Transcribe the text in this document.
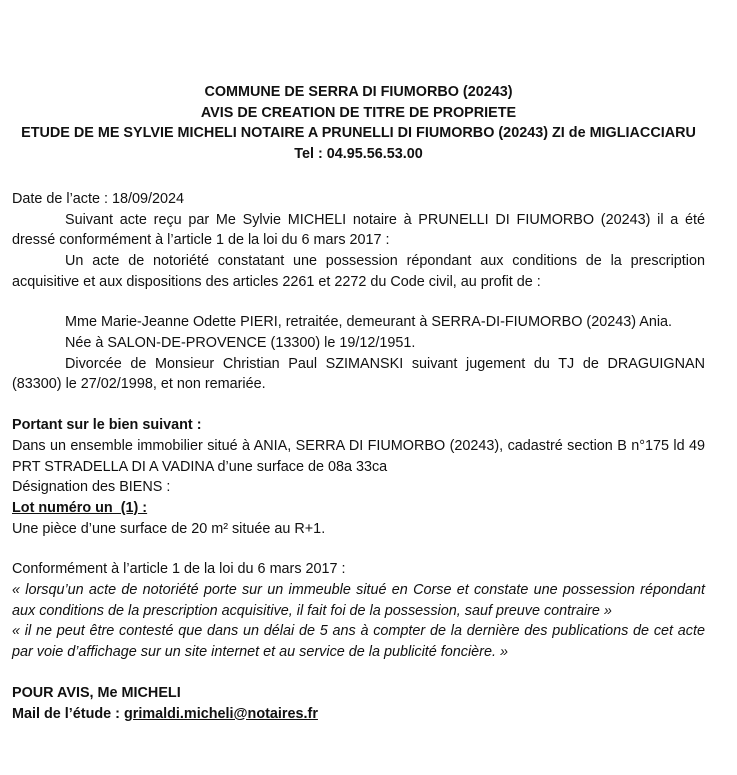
COMMUNE DE SERRA DI FIUMORBO (20243)
AVIS DE CREATION DE TITRE DE PROPRIETE
ETUDE DE ME SYLVIE MICHELI NOTAIRE A PRUNELLI DI FIUMORBO (20243) ZI de MIGLIACCIARU
Tel : 04.95.56.53.00
Date de l’acte : 18/09/2024
Suivant acte reçu par Me Sylvie MICHELI notaire à PRUNELLI DI FIUMORBO (20243) il a été dressé conformément à l’article 1 de la loi du 6 mars 2017 :
Un acte de notoriété constatant une possession répondant aux conditions de la prescription acquisitive et aux dispositions des articles 2261 et 2272 du Code civil, au profit de :
Mme Marie-Jeanne Odette PIERI, retraitée, demeurant à SERRA-DI-FIUMORBO (20243) Ania.
Née à SALON-DE-PROVENCE (13300) le 19/12/1951.
Divorcée de Monsieur Christian Paul SZIMANSKI suivant jugement du TJ de DRAGUIGNAN (83300) le 27/02/1998, et non remariée.
Portant sur le bien suivant :
Dans un ensemble immobilier situé à ANIA, SERRA DI FIUMORBO (20243), cadastré section B n°175 ld 49 PRT STRADELLA DI A VADINA d’une surface de 08a 33ca
Désignation des BIENS :
Lot numéro un  (1) :
Une pièce d’une surface de 20 m² située au R+1.
Conformément à l’article 1 de la loi du 6 mars 2017 :
« lorsqu’un acte de notoriété porte sur un immeuble situé en Corse et constate une possession répondant aux conditions de la prescription acquisitive, il fait foi de la possession, sauf preuve contraire »
« il ne peut être contesté que dans un délai de 5 ans à compter de la dernière des publications de cet acte par voie d’affichage sur un site internet et au service de la publicité foncière. »
POUR AVIS, Me MICHELI
Mail de l’étude : grimaldi.micheli@notaires.fr
